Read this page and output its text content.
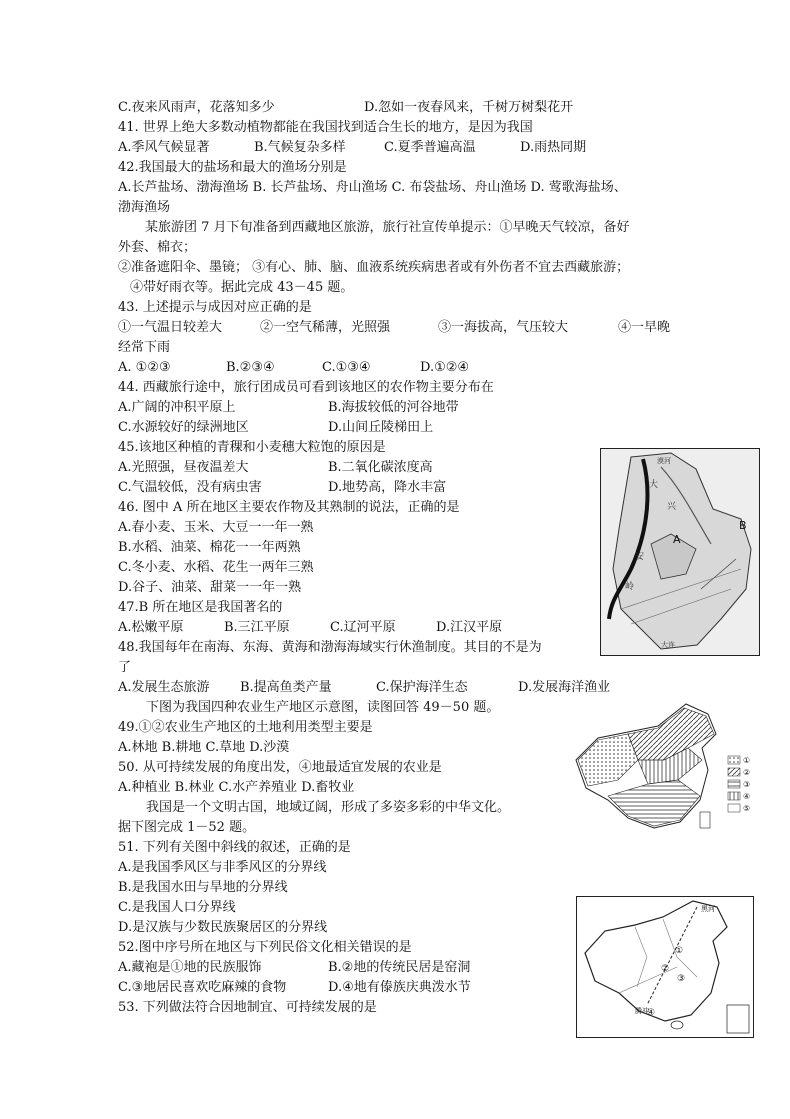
C.夜来风雨声，花落知多少	D.忽如一夜春风来，千树万树梨花开
41. 世界上绝大多数动植物都能在我国找到适合生长的地方，是因为我国
A.季风气候显著	B.气候复杂多样	C.夏季普遍高温	D.雨热同期
42.我国最大的盐场和最大的渔场分别是
A.长芦盐场、渤海渔场 B. 长芦盐场、舟山渔场 C. 布袋盐场、舟山渔场 D. 莺歌海盐场、
渤海渔场
某旅游团 7 月下旬准备到西藏地区旅游，旅行社宣传单提示：①早晚天气较凉，备好
外套、棉衣；
②准备遮阳伞、墨镜； ③有心、肺、脑、血液系统疾病患者或有外伤者不宜去西藏旅游；
④带好雨衣等。据此完成 43－45 题。
43. 上述提示与成因对应正确的是
①一气温日较差大	②一空气稀薄，光照强	③一海拔高，气压较大	④一早晚
经常下雨
A. ①②③	B.②③④	C.①③④	D.①②④
44. 西藏旅行途中，旅行团成员可看到该地区的农作物主要分布在
A.广阔的冲积平原上	B.海拔较低的河谷地带
C.水源较好的绿洲地区	D.山间丘陵梯田上
45.该地区种植的青稞和小麦穗大粒饱的原因是
A.光照强，昼夜温差大	B.二氧化碳浓度高
C.气温较低，没有病虫害	D.地势高，降水丰富
46. 图中 A 所在地区主要农作物及其熟制的说法，正确的是
A.春小麦、玉米、大豆一一年一熟
B.水稻、油菜、棉花一一年两熟
C.冬小麦、水稻、花生一两年三熟
D.谷子、油菜、甜菜一一年一熟
47.B 所在地区是我国著名的
A.松嫩平原	B.三江平原	C.辽河平原	D.江汉平原
48.我国每年在南海、东海、黄海和渤海海域实行休渔制度。其目的不是为
了
A.发展生态旅游 B.提高鱼类产量	C.保护海洋生态	D.发展海洋渔业
下图为我国四种农业生产地区示意图，读图回答 49－50 题。
49.①②农业生产地区的土地利用类型主要是
A.林地 B.耕地 C.草地 D.沙漠
50. 从可持续发展的角度出发，④地最适宜发展的农业是
A.种植业 B.林业 C.水产养殖业 D.畜牧业
我国是一个文明古国，地域辽阔，形成了多姿多彩的中华文化。
据下图完成 1－52 题。
51. 下列有关图中斜线的叙述，正确的是
A.是我国季风区与非季风区的分界线
B.是我国水田与旱地的分界线
C.是我国人口分界线
D.是汉族与少数民族聚居区的分界线
52.图中序号所在地区与下列民俗文化相关错误的是
A.藏袍是①地的民族服饰	B.②地的传统民居是窑洞
C.③地居民喜欢吃麻辣的食物	D.④地有傣族庆典泼水节
53. 下列做法符合因地制宜、可持续发展的是
A
B
大
兴
安
岭
漠河
大连
①
②
③
④
⑤
①
②
③
④
黑河
腾冲
